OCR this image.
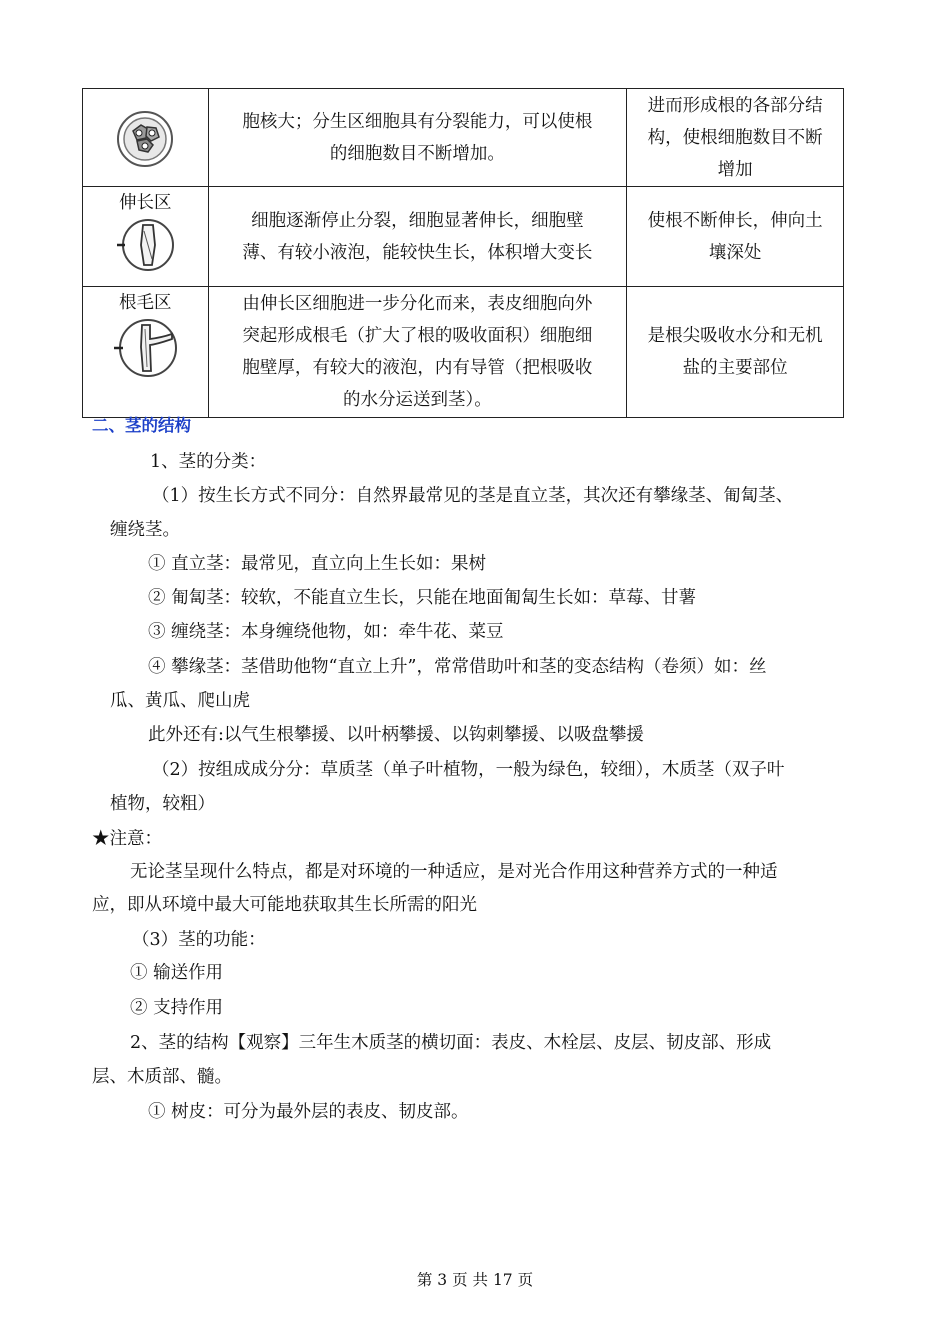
	胞核大；分生区细胞具有分裂能力，可以使根
的细胞数目不断增加。	进而形成根的各部分结
构，使根细胞数目不断
增加

伸长区	细胞逐渐停止分裂，细胞显著伸长，细胞壁
薄、有较小液泡，能较快生长，体积增大变长	使根不断伸长，伸向土
壤深处

根毛区	由伸长区细胞进一步分化而来，表皮细胞向外
突起形成根毛（扩大了根的吸收面积）细胞细
胞壁厚，有较大的液泡，内有导管（把根吸收
的水分运送到茎）。	是根尖吸收水分和无机
盐的主要部位
二、茎的结构
1、茎的分类：
（1）按生长方式不同分：自然界最常见的茎是直立茎，其次还有攀缘茎、匍匐茎、
缠绕茎。
① 直立茎：最常见，直立向上生长如：果树
② 匍匐茎：较软，不能直立生长，只能在地面匍匐生长如：草莓、甘薯
③ 缠绕茎：本身缠绕他物，如：牵牛花、菜豆
④ 攀缘茎：茎借助他物“直立上升”，常常借助叶和茎的变态结构（卷须）如：丝
瓜、黄瓜、爬山虎
此外还有:以气生根攀援、以叶柄攀援、以钩刺攀援、以吸盘攀援
（2）按组成成分分：草质茎（单子叶植物，一般为绿色，较细），木质茎（双子叶
植物，较粗）
★注意：
无论茎呈现什么特点，都是对环境的一种适应，是对光合作用这种营养方式的一种适
应，即从环境中最大可能地获取其生长所需的阳光
（3）茎的功能：
① 输送作用
② 支持作用
2、茎的结构【观察】三年生木质茎的横切面：表皮、木栓层、皮层、韧皮部、形成
层、木质部、髓。
① 树皮：可分为最外层的表皮、韧皮部。
第 3 页 共 17 页
